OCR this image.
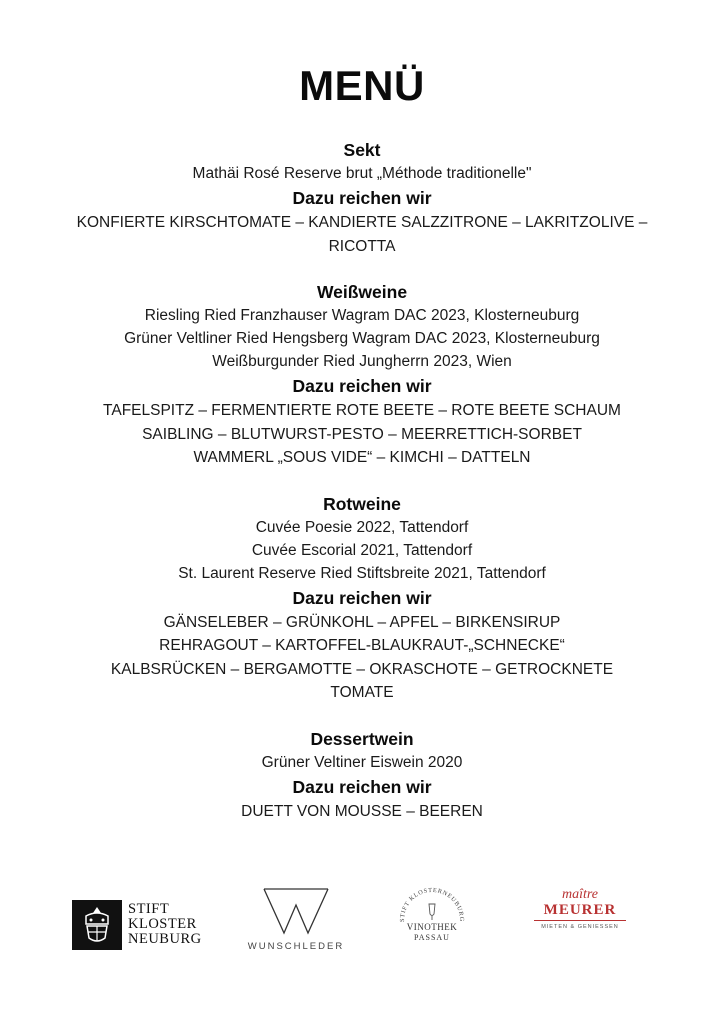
MENÜ
Sekt
Mathäi Rosé Reserve brut „Méthode traditionelle"
Dazu reichen wir
KONFIERTE KIRSCHTOMATE – KANDIERTE SALZZITRONE – LAKRITZOLIVE –
RICOTTA
Weißweine
Riesling Ried Franzhauser Wagram DAC 2023, Klosterneuburg
Grüner Veltliner Ried Hengsberg Wagram DAC 2023, Klosterneuburg
Weißburgunder Ried Jungherrn 2023, Wien
Dazu reichen wir
TAFELSPITZ – FERMENTIERTE ROTE BEETE – ROTE BEETE SCHAUM
SAIBLING – BLUTWURST-PESTO – MEERRETTICH-SORBET
WAMMERL „SOUS VIDE“ – KIMCHI – DATTELN
Rotweine
Cuvée Poesie 2022, Tattendorf
Cuvée Escorial 2021, Tattendorf
St. Laurent Reserve Ried Stiftsbreite 2021, Tattendorf
Dazu reichen wir
GÄNSELEBER – GRÜNKOHL – APFEL – BIRKENSIRUP
REHRAGOUT – KARTOFFEL-BLAUKRAUT-„SCHNECKE“
KALBSRÜCKEN – BERGAMOTTE – OKRASCHOTE – GETROCKNETE
TOMATE
Dessertwein
Grüner Veltiner Eiswein 2020
Dazu reichen wir
DUETT VON MOUSSE – BEEREN
STIFT
KLOSTER
NEUBURG	WUNSCHLEDER
STIFT KLOSTERNEUBURG
VINOTHEK
PASSAU
maître
MEURER
MIETEN & GENIESSEN
